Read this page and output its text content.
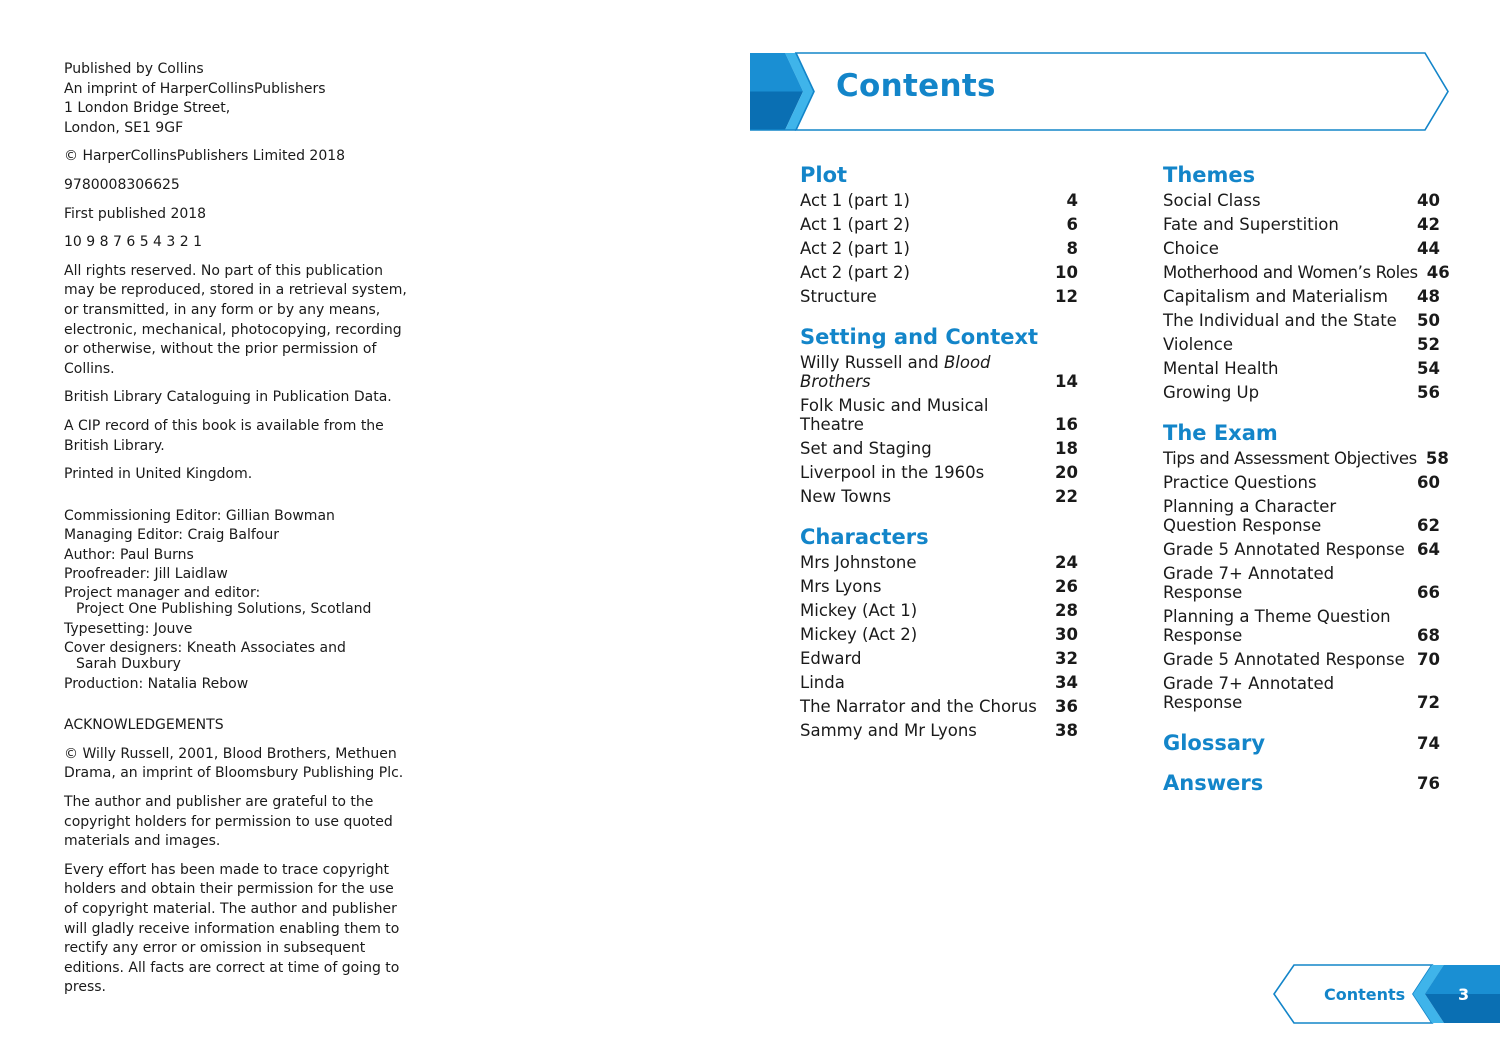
Published by Collins
An imprint of HarperCollinsPublishers
1 London Bridge Street,
London, SE1 9GF

© HarperCollinsPublishers Limited 2018

9780008306625

First published 2018

10 9 8 7 6 5 4 3 2 1

All rights reserved. No part of this publication may be reproduced, stored in a retrieval system, or transmitted, in any form or by any means, electronic, mechanical, photocopying, recording or otherwise, without the prior permission of Collins.

British Library Cataloguing in Publication Data.

A CIP record of this book is available from the British Library.

Printed in United Kingdom.

Commissioning Editor: Gillian Bowman
Managing Editor: Craig Balfour
Author: Paul Burns
Proofreader: Jill Laidlaw
Project manager and editor:
Project One Publishing Solutions, Scotland
Typesetting: Jouve
Cover designers: Kneath Associates and
Sarah Duxbury
Production: Natalia Rebow

ACKNOWLEDGEMENTS

© Willy Russell, 2001, Blood Brothers, Methuen Drama, an imprint of Bloomsbury Publishing Plc.

The author and publisher are grateful to the copyright holders for permission to use quoted materials and images.

Every effort has been made to trace copyright holders and obtain their permission for the use of copyright material. The author and publisher will gladly receive information enabling them to rectify any error or omission in subsequent editions. All facts are correct at time of going to press.

Contents
Plot
Act 1 (part 1)	4
Act 1 (part 2)	6
Act 2 (part 1)	8
Act 2 (part 2)	10
Structure	12
Setting and Context
Willy Russell and Blood Brothers	14
Folk Music and Musical Theatre	16
Set and Staging	18
Liverpool in the 1960s	20
New Towns	22
Characters
Mrs Johnstone	24
Mrs Lyons	26
Mickey (Act 1)	28
Mickey (Act 2)	30
Edward	32
Linda	34
The Narrator and the Chorus	36
Sammy and Mr Lyons	38
Themes
Social Class	40
Fate and Superstition	42
Choice	44
Motherhood and Women’s Roles 46
Capitalism and Materialism	48
The Individual and the State	50
Violence	52
Mental Health	54
Growing Up	56
The Exam
Tips and Assessment Objectives 58
Practice Questions	60
Planning a Character Question Response	62
Grade 5 Annotated Response 64
Grade 7+ Annotated Response	66
Planning a Theme Question Response	68
Grade 5 Annotated Response 70
Grade 7+ Annotated Response	72
Glossary	74
Answers	76
Contents	3
